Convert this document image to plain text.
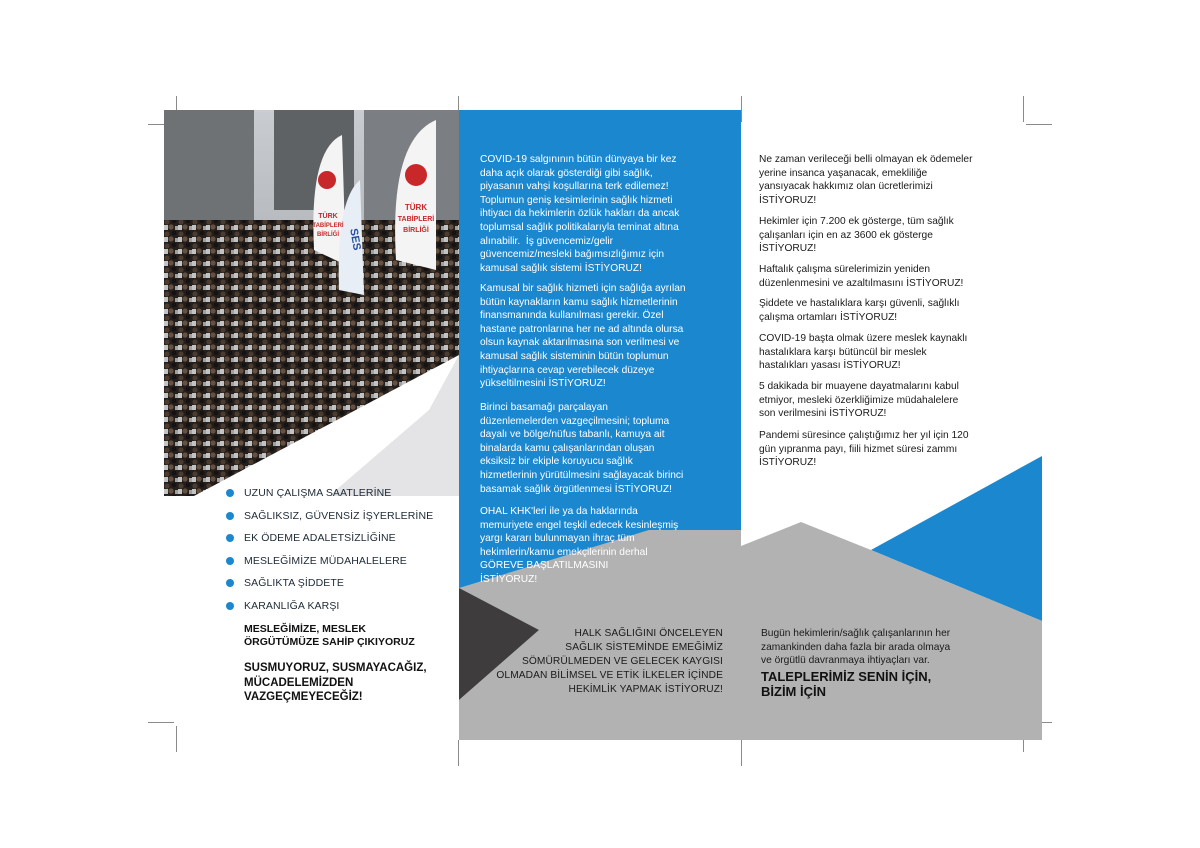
TÜRK
TABİPLERİ
BİRLİĞİ
TÜRK
TABİPLERİ
BİRLİĞİ
SES
UZUN ÇALIŞMA SAATLERİNE
SAĞLIKSIZ, GÜVENSİZ İŞYERLERİNE
EK ÖDEME ADALETSİZLİĞİNE
MESLEĞİMİZE MÜDAHALELERE
SAĞLIKTA ŞİDDETE
KARANLIĞA KARŞI
MESLEĞİMİZE, MESLEK
ÖRGÜTÜMÜZE SAHİP ÇIKIYORUZ
SUSMUYORUZ, SUSMAYACAĞIZ,
MÜCADELEMİZDEN
VAZGEÇMEYECEĞİZ!
COVID-19 salgınının bütün dünyaya bir kez
daha açık olarak gösterdiği gibi sağlık,
piyasanın vahşi koşullarına terk edilemez!
Toplumun geniş kesimlerinin sağlık hizmeti
ihtiyacı da hekimlerin özlük hakları da ancak
toplumsal sağlık politikalarıyla teminat altına
alınabilir.  İş güvencemiz/gelir
güvencemiz/mesleki bağımsızlığımız için
kamusal sağlık sistemi İSTİYORUZ!
Kamusal bir sağlık hizmeti için sağlığa ayrılan
bütün kaynakların kamu sağlık hizmetlerinin
finansmanında kullanılması gerekir. Özel
hastane patronlarına her ne ad altında olursa
olsun kaynak aktarılmasına son verilmesi ve
kamusal sağlık sisteminin bütün toplumun
ihtiyaçlarına cevap verebilecek düzeye
yükseltilmesini İSTİYORUZ!
Birinci basamağı parçalayan
düzenlemelerden vazgeçilmesini; topluma
dayalı ve bölge/nüfus tabanlı, kamuya ait
binalarda kamu çalışanlarından oluşan
eksiksiz bir ekiple koruyucu sağlık
hizmetlerinin yürütülmesini sağlayacak birinci
basamak sağlık örgütlenmesi İSTİYORUZ!
OHAL KHK'leri ile ya da haklarında
memuriyete engel teşkil edecek kesinleşmiş
yargı kararı bulunmayan ihraç tüm
hekimlerin/kamu emekçilerinin derhal
GÖREVE BAŞLATILMASINI
İSTİYORUZ!
HALK SAĞLIĞINI ÖNCELEYEN
SAĞLIK SİSTEMİNDE EMEĞİMİZ
SÖMÜRÜLMEDEN VE GELECEK KAYGISI
OLMADAN BİLİMSEL VE ETİK İLKELER İÇİNDE
HEKİMLİK YAPMAK İSTİYORUZ!
Ne zaman verileceği belli olmayan ek ödemeler
yerine insanca yaşanacak, emekliliğe
yansıyacak hakkımız olan ücretlerimizi
İSTİYORUZ!
Hekimler için 7.200 ek gösterge, tüm sağlık
çalışanları için en az 3600 ek gösterge
İSTİYORUZ!
Haftalık çalışma sürelerimizin yeniden
düzenlenmesini ve azaltılmasını İSTİYORUZ!
Şiddete ve hastalıklara karşı güvenli, sağlıklı
çalışma ortamları İSTİYORUZ!
COVID-19 başta olmak üzere meslek kaynaklı
hastalıklara karşı bütüncül bir meslek
hastalıkları yasası İSTİYORUZ!
5 dakikada bir muayene dayatmalarını kabul
etmiyor, mesleki özerkliğimize müdahalelere
son verilmesini İSTİYORUZ!
Pandemi süresince çalıştığımız her yıl için 120
gün yıpranma payı, fiili hizmet süresi zammı
İSTİYORUZ!
Bugün hekimlerin/sağlık çalışanlarının her
zamankinden daha fazla bir arada olmaya
ve örgütlü davranmaya ihtiyaçları var.
TALEPLERİMİZ SENİN İÇİN,
BİZİM İÇİN
